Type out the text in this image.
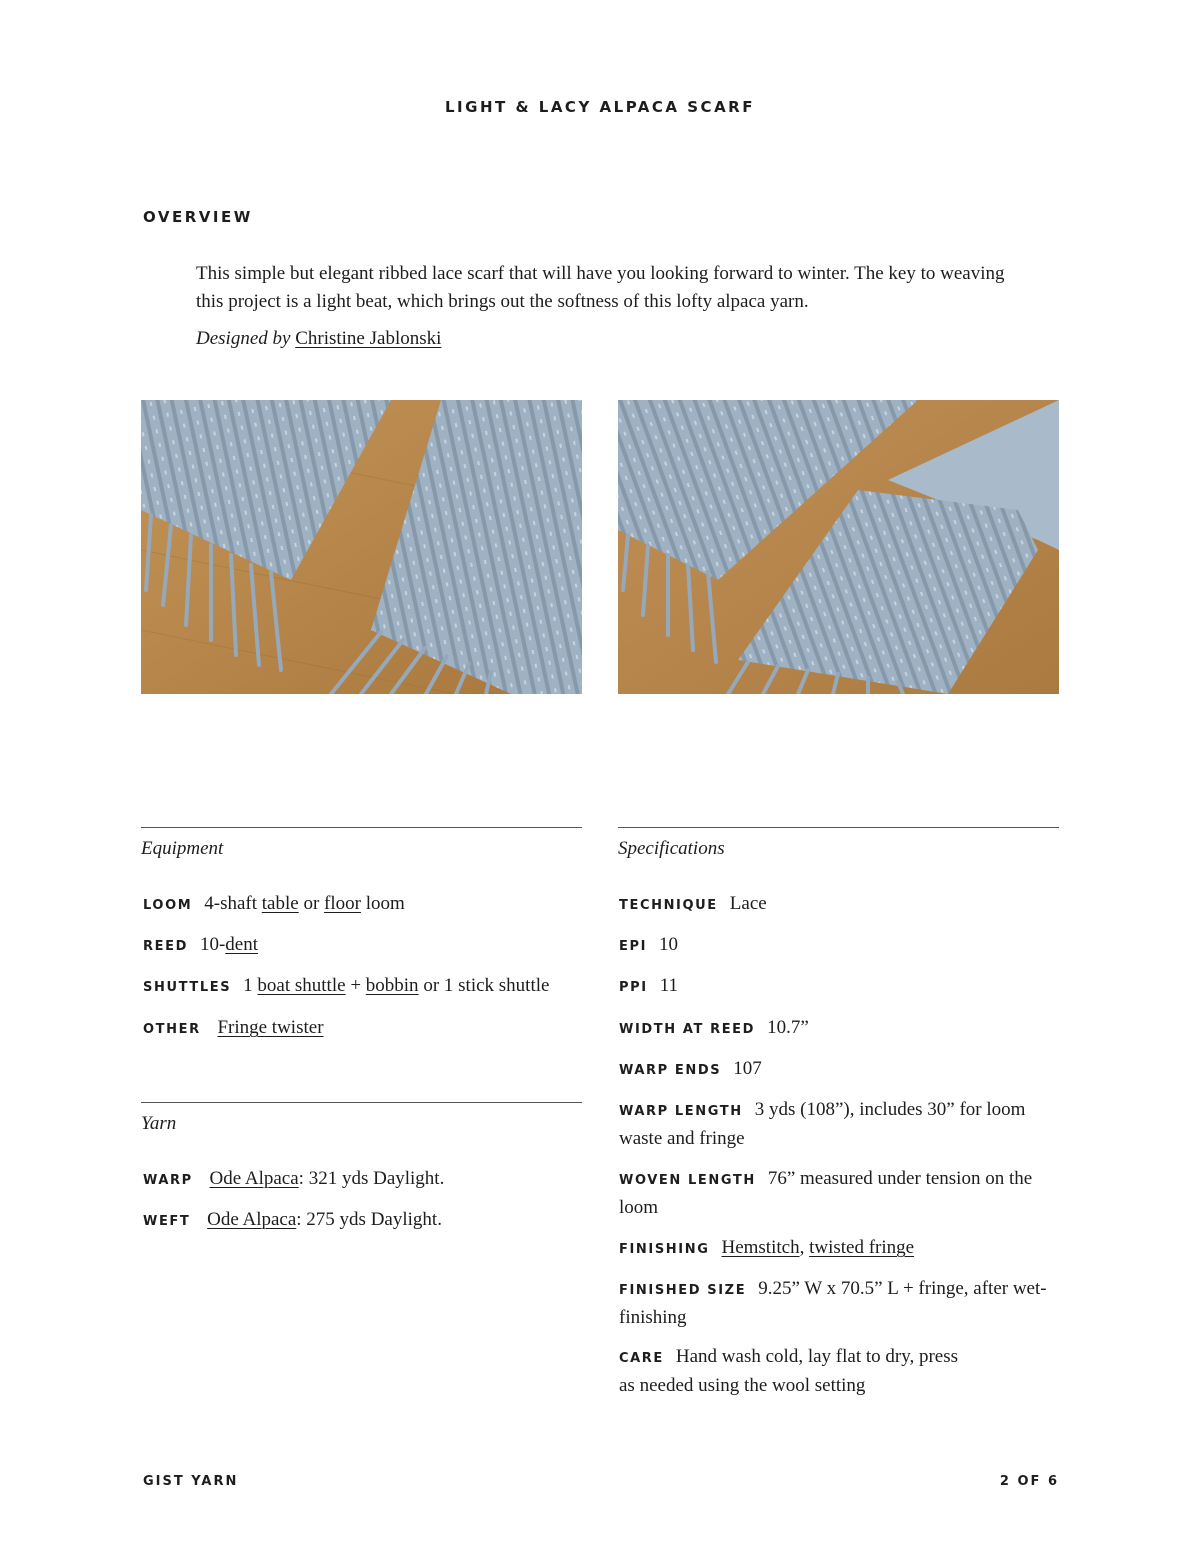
LIGHT & LACY ALPACA SCARF
OVERVIEW

This simple but elegant ribbed lace scarf that will have you looking forward to winter. The key to weaving this project is a light beat, which brings out the softness of this lofty alpaca yarn.

Designed by Christine Jablonski
Equipment
LOOM 4-shaft table or floor loom
REED 10-dent
SHUTTLES 1 boat shuttle + bobbin or 1 stick shuttle
OTHER Fringe twister
Yarn
WARP Ode Alpaca: 321 yds Daylight.
WEFT Ode Alpaca: 275 yds Daylight.
Specifications
TECHNIQUE Lace
EPI 10
PPI 11
WIDTH AT REED 10.7”
WARP ENDS 107
WARP LENGTH 3 yds (108”), includes 30” for loom waste and fringe
WOVEN LENGTH 76” measured under tension on the loom
FINISHING Hemstitch, twisted fringe
FINISHED SIZE 9.25” W x 70.5” L + fringe, after wet-finishing
CARE Hand wash cold, lay flat to dry, press
as needed using the wool setting
GIST YARN	2 OF 6
